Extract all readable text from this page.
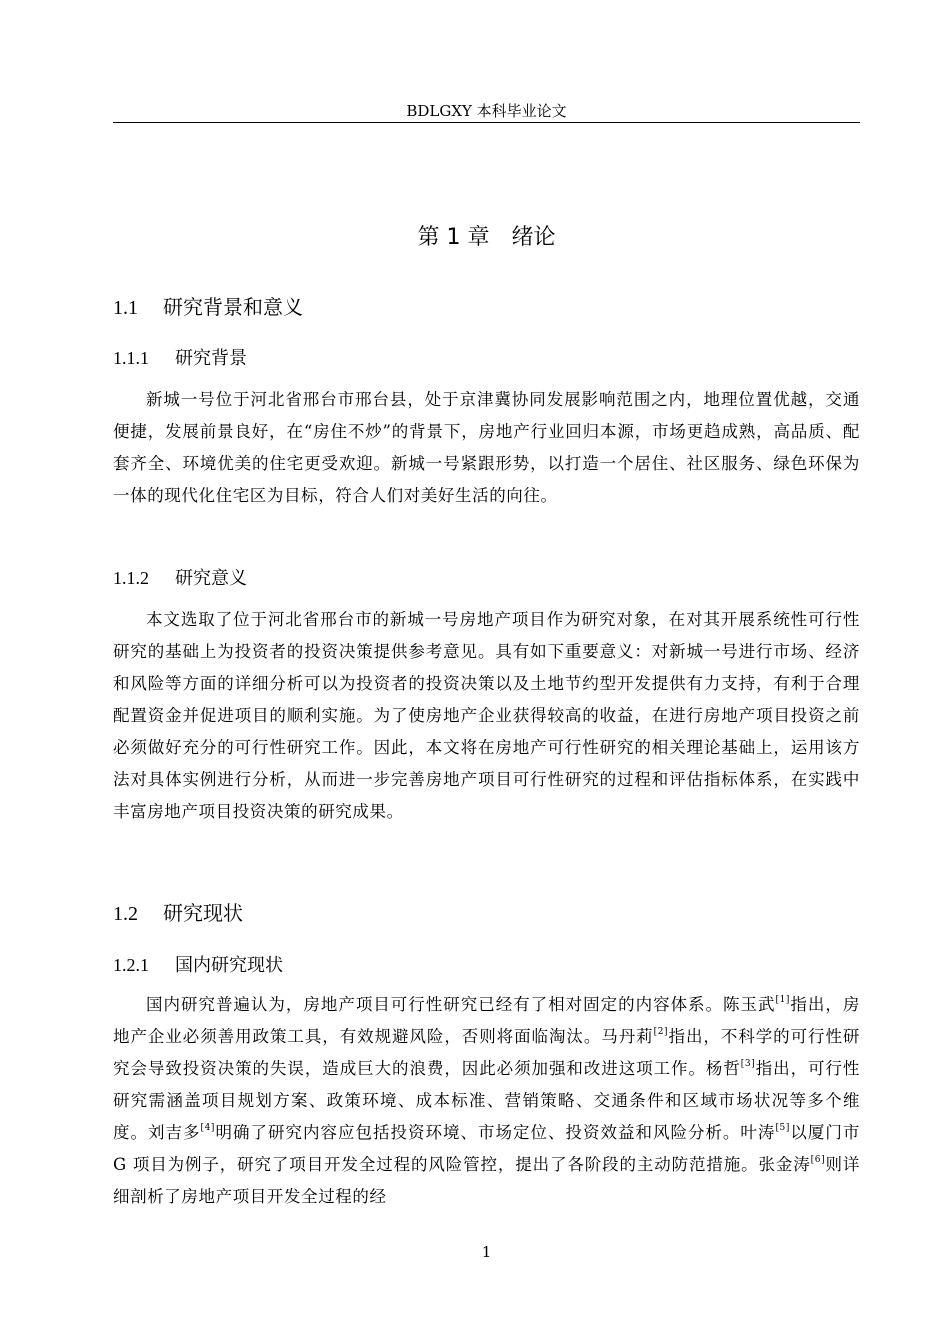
BDLGXY 本科毕业论文
第 1 章 绪论
1.1 研究背景和意义
1.1.1 研究背景

新城一号位于河北省邢台市邢台县，处于京津冀协同发展影响范围之内，地理位置优越，交通便捷，发展前景良好，在“房住不炒”的背景下，房地产行业回归本源，市场更趋成熟，高品质、配套齐全、环境优美的住宅更受欢迎。新城一号紧跟形势，以打造一个居住、社区服务、绿色环保为一体的现代化住宅区为目标，符合人们对美好生活的向往。

1.1.2 研究意义

本文选取了位于河北省邢台市的新城一号房地产项目作为研究对象，在对其开展系统性可行性研究的基础上为投资者的投资决策提供参考意见。具有如下重要意义：对新城一号进行市场、经济和风险等方面的详细分析可以为投资者的投资决策以及土地节约型开发提供有力支持，有利于合理配置资金并促进项目的顺利实施。为了使房地产企业获得较高的收益，在进行房地产项目投资之前必须做好充分的可行性研究工作。因此，本文将在房地产可行性研究的相关理论基础上，运用该方法对具体实例进行分析，从而进一步完善房地产项目可行性研究的过程和评估指标体系，在实践中丰富房地产项目投资决策的研究成果。

1.2 研究现状
1.2.1 国内研究现状

国内研究普遍认为，房地产项目可行性研究已经有了相对固定的内容体系。陈玉武[1]指出，房地产企业必须善用政策工具，有效规避风险，否则将面临淘汰。马丹莉[2]指出，不科学的可行性研究会导致投资决策的失误，造成巨大的浪费，因此必须加强和改进这项工作。杨哲[3]指出，可行性研究需涵盖项目规划方案、政策环境、成本标准、营销策略、交通条件和区域市场状况等多个维度。刘吉多[4]明确了研究内容应包括投资环境、市场定位、投资效益和风险分析。叶涛[5]以厦门市 G 项目为例子，研究了项目开发全过程的风险管控，提出了各阶段的主动防范措施。张金涛[6]则详细剖析了房地产项目开发全过程的经

1
